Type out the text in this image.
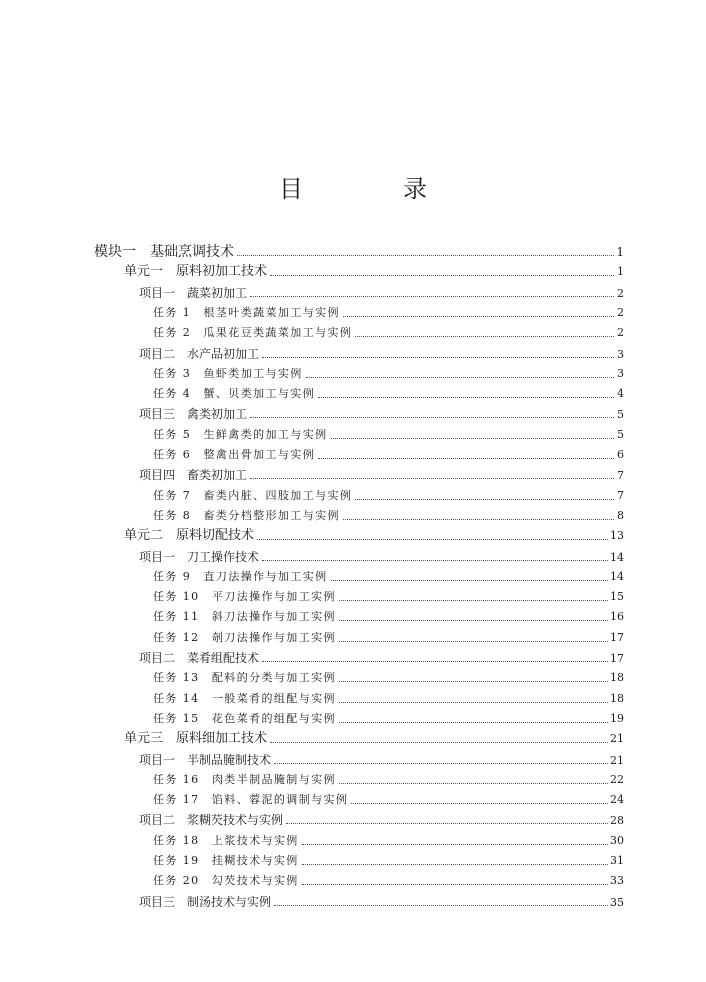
目　录
模块一　基础烹调技术	1
单元一　原料初加工技术	1
项目一　蔬菜初加工	2
任务 1　根茎叶类蔬菜加工与实例	2
任务 2　瓜果花豆类蔬菜加工与实例	2
项目二　水产品初加工	3
任务 3　鱼虾类加工与实例	3
任务 4　蟹、贝类加工与实例	4
项目三　禽类初加工	5
任务 5　生鲜禽类的加工与实例	5
任务 6　整禽出骨加工与实例	6
项目四　畜类初加工	7
任务 7　畜类内脏、四肢加工与实例	7
任务 8　畜类分档整形加工与实例	8
单元二　原料切配技术	13
项目一　刀工操作技术	14
任务 9　直刀法操作与加工实例	14
任务 10　平刀法操作与加工实例	15
任务 11　斜刀法操作与加工实例	16
任务 12　剞刀法操作与加工实例	17
项目二　菜肴组配技术	17
任务 13　配料的分类与加工实例	18
任务 14　一般菜肴的组配与实例	18
任务 15　花色菜肴的组配与实例	19
单元三　原料细加工技术	21
项目一　半制品腌制技术	21
任务 16　肉类半制品腌制与实例	22
任务 17　馅料、蓉泥的调制与实例	24
项目二　浆糊芡技术与实例	28
任务 18　上浆技术与实例	30
任务 19　挂糊技术与实例	31
任务 20　勾芡技术与实例	33
项目三　制汤技术与实例	35
